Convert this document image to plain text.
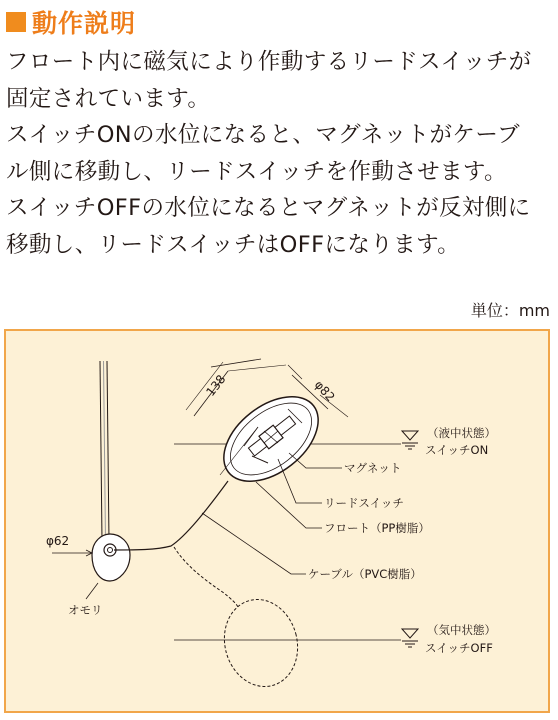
動作説明
フロート内に磁気により作動するリードスイッチが
固定されています。
スイッチONの水位になると、マグネットがケーブ
ル側に移動し、リードスイッチを作動させます。
スイッチOFFの水位になるとマグネットが反対側に
移動し、リードスイッチはOFFになります。
単位：mm
138	φ82
φ62
（液中状態）
スイッチON
マグネット
リードスイッチ
フロート（PP樹脂）
ケーブル（PVC樹脂）
オモリ
（気中状態）
スイッチOFF
